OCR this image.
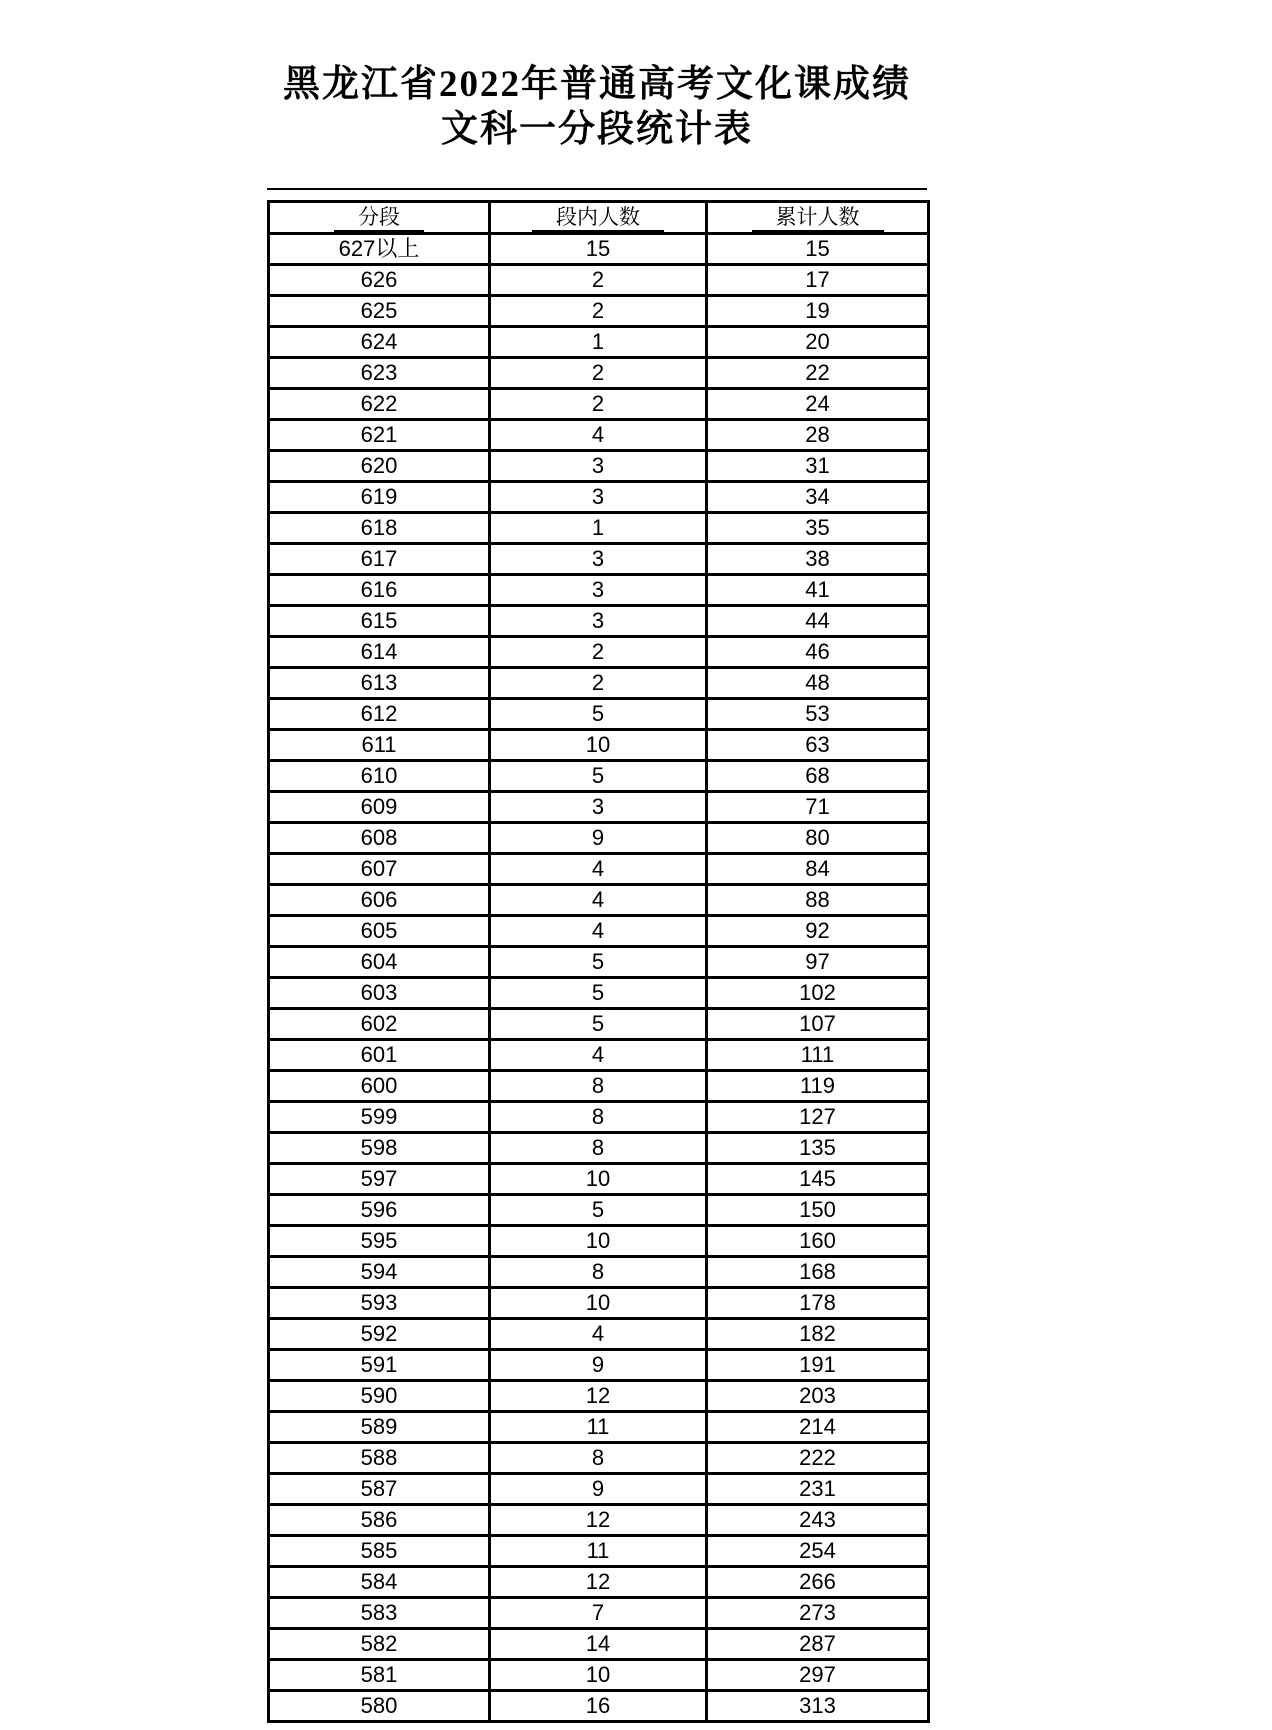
黑龙江省2022年普通高考文化课成绩
文科一分段统计表
分段	段内人数	累计人数
627以上	15	15
626	2	17
625	2	19
624	1	20
623	2	22
622	2	24
621	4	28
620	3	31
619	3	34
618	1	35
617	3	38
616	3	41
615	3	44
614	2	46
613	2	48
612	5	53
611	10	63
610	5	68
609	3	71
608	9	80
607	4	84
606	4	88
605	4	92
604	5	97
603	5	102
602	5	107
601	4	111
600	8	119
599	8	127
598	8	135
597	10	145
596	5	150
595	10	160
594	8	168
593	10	178
592	4	182
591	9	191
590	12	203
589	11	214
588	8	222
587	9	231
586	12	243
585	11	254
584	12	266
583	7	273
582	14	287
581	10	297
580	16	313
